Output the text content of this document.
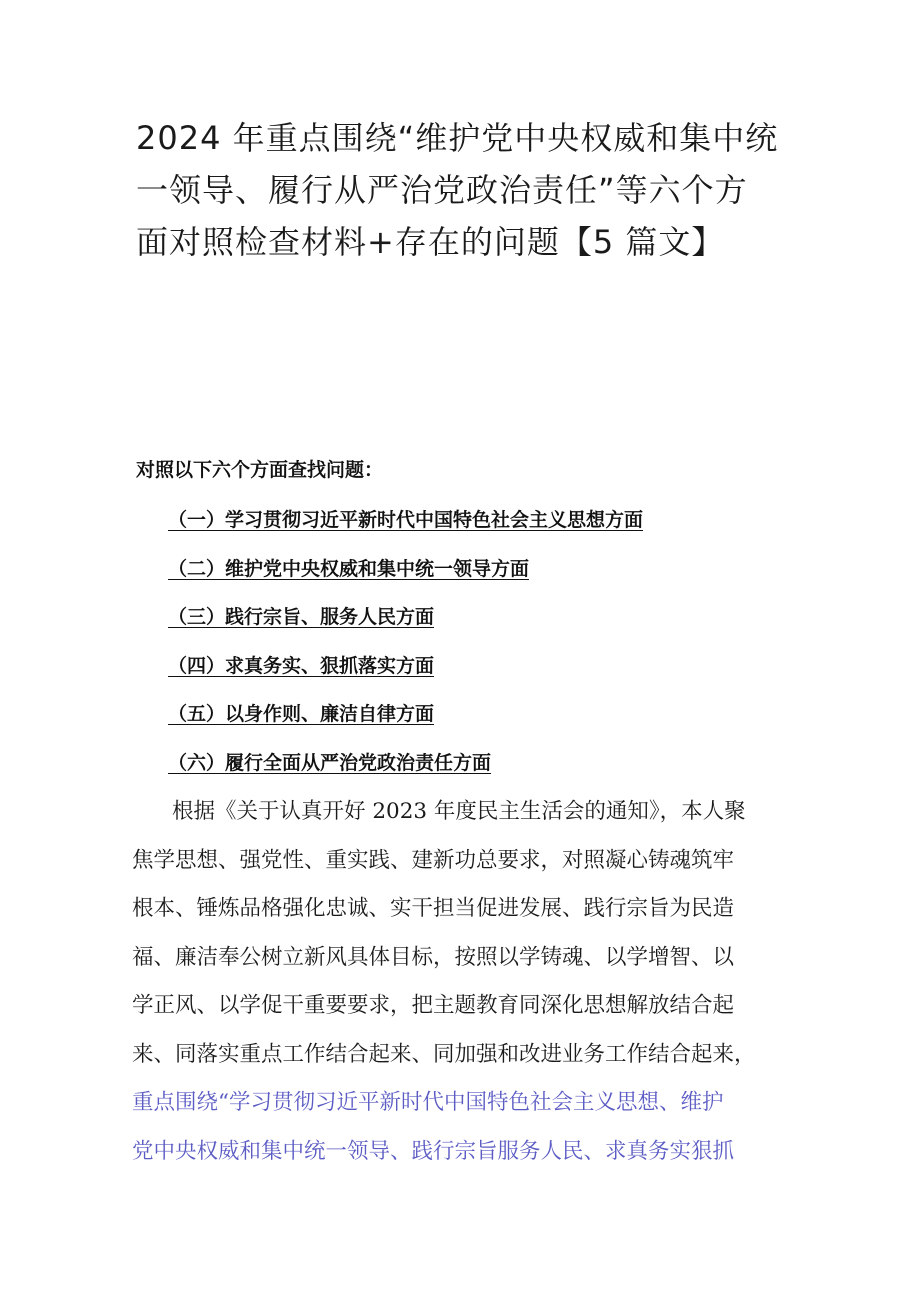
2024 年重点围绕“维护党中央权威和集中统
一领导、履行从严治党政治责任”等六个方
面对照检查材料+存在的问题【5 篇文】
对照以下六个方面查找问题：
（一）学习贯彻习近平新时代中国特色社会主义思想方面
（二）维护党中央权威和集中统一领导方面
（三）践行宗旨、服务人民方面
（四）求真务实、狠抓落实方面
（五）以身作则、廉洁自律方面
（六）履行全面从严治党政治责任方面
根据《关于认真开好 2023 年度民主生活会的通知》，本人聚
焦学思想、强党性、重实践、建新功总要求，对照凝心铸魂筑牢
根本、锤炼品格强化忠诚、实干担当促进发展、践行宗旨为民造
福、廉洁奉公树立新风具体目标，按照以学铸魂、以学增智、以
学正风、以学促干重要要求，把主题教育同深化思想解放结合起
来、同落实重点工作结合起来、同加强和改进业务工作结合起来，
重点围绕“学习贯彻习近平新时代中国特色社会主义思想、维护
党中央权威和集中统一领导、践行宗旨服务人民、求真务实狠抓
